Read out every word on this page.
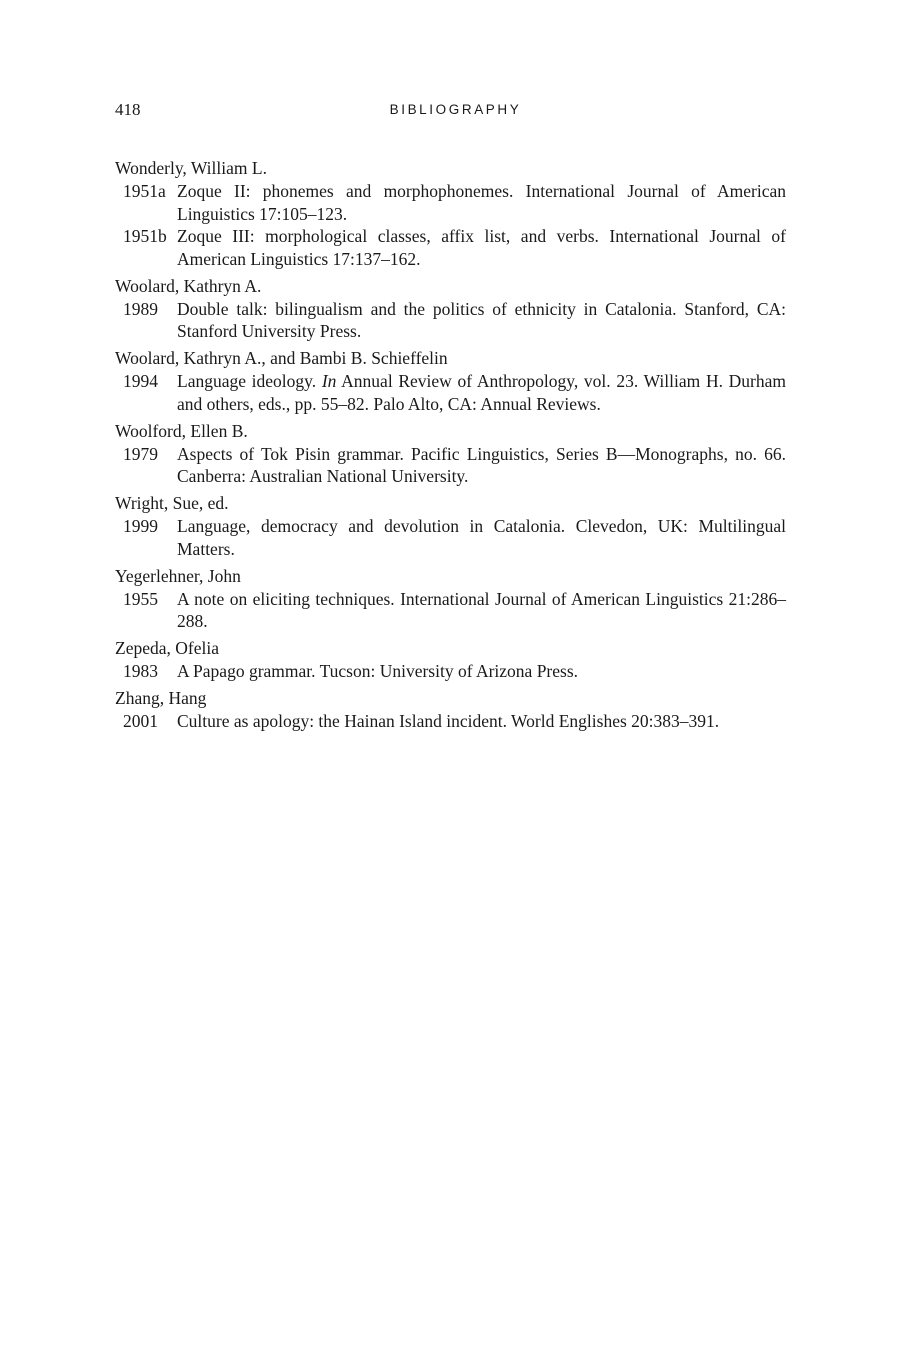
418	BIBLIOGRAPHY
Wonderly, William L.
1951a Zoque II: phonemes and morphophonemes. International Journal of American Linguistics 17:105–123.
1951b Zoque III: morphological classes, affix list, and verbs. International Journal of American Linguistics 17:137–162.
Woolard, Kathryn A.
1989	Double talk: bilingualism and the politics of ethnicity in Catalonia. Stanford, CA: Stanford University Press.
Woolard, Kathryn A., and Bambi B. Schieffelin
1994	Language ideology. In Annual Review of Anthropology, vol. 23. William H. Durham and others, eds., pp. 55–82. Palo Alto, CA: Annual Reviews.
Woolford, Ellen B.
1979	Aspects of Tok Pisin grammar. Pacific Linguistics, Series B—Monographs, no. 66. Canberra: Australian National University.
Wright, Sue, ed.
1999	Language, democracy and devolution in Catalonia. Clevedon, UK: Multilingual Matters.
Yegerlehner, John
1955	A note on eliciting techniques. International Journal of American Linguistics 21:286–288.
Zepeda, Ofelia
1983	A Papago grammar. Tucson: University of Arizona Press.
Zhang, Hang
2001	Culture as apology: the Hainan Island incident. World Englishes 20:383–391.
